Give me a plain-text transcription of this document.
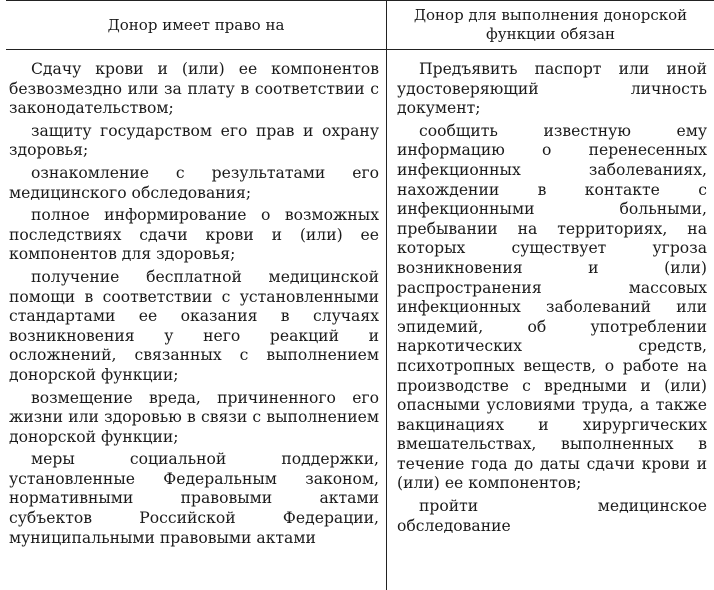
Донор имеет право на
Донор для выполнения донорской функции обязан

Сдачу крови и (или) ее компонентов безвозмездно или за плату в соответствии с законодательством;

защиту государством его прав и охрану здоровья;

ознакомление с результатами его медицинского обследования;

полное информирование о возможных последствиях сдачи крови и (или) ее компонентов для здоровья;

получение бесплатной медицинской помощи в соответствии с установленными стандартами ее оказания в случаях возникновения у него реакций и осложнений, связанных с выполнением донорской функции;

возмещение вреда, причиненного его жизни или здоровью в связи с выполнением донорской функции;

меры социальной поддержки, установленные Федеральным законом, нормативными правовыми актами субъектов Российской Федерации, муниципальными правовыми актами

Предъявить паспорт или иной удостоверяющий личность документ;

сообщить известную ему информацию о перенесенных инфекционных заболеваниях, нахождении в контакте с инфекционными больными, пребывании на территориях, на которых существует угроза возникновения и (или) распространения массовых инфекционных заболеваний или эпидемий, об употреблении наркотических средств, психотропных веществ, о работе на производстве с вредными и (или) опасными условиями труда, а также вакцинациях и хирургических вмешательствах, выполненных в течение года до даты сдачи крови и (или) ее компонентов;

пройти медицинское обследование
